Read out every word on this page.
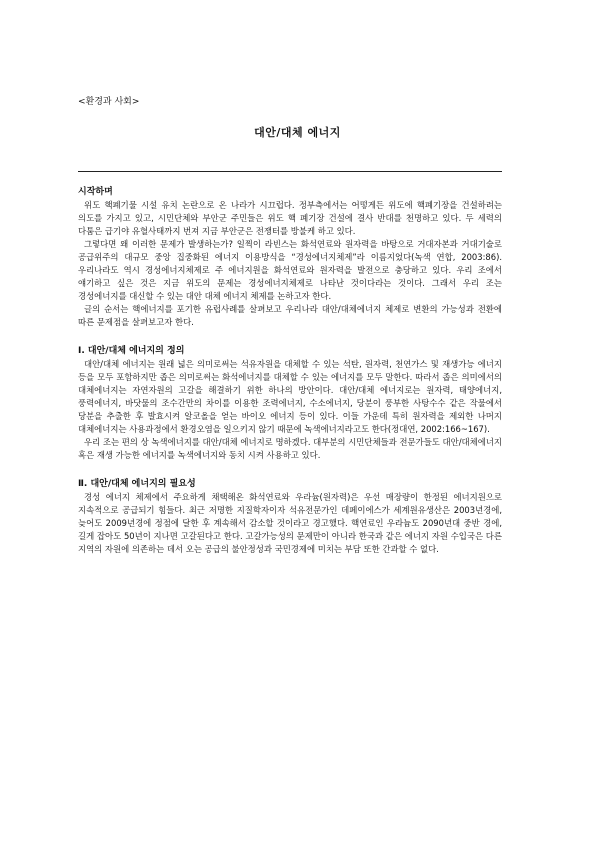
<환경과 사회>
대안/대체 에너지
시작하며

위도 핵폐기물 시설 유치 논란으로 온 나라가 시끄럽다. 정부측에서는 어떻게든 위도에 핵폐기장을 건설하려는 의도를 가지고 있고, 시민단체와 부안군 주민들은 위도 핵 폐기장 건설에 결사 반대를 천명하고 있다. 두 세력의 다툼은 급기야 유혈사태까지 번져 지금 부안군은 전쟁터를 방불케 하고 있다.

그렇다면 왜 이러한 문제가 발생하는가? 일찍이 라빈스는 화석연료와 원자력을 바탕으로 거대자본과 거대기술로 공급위주의 대규모 중앙 집중화된 에너지 이용방식을 “경성에너지체제”라 이름지었다(녹색 연합, 2003:86). 우리나라도 역시 경성에너지체제로 주 에너지원을 화석연료와 원자력을 발전으로 충당하고 있다. 우리 조에서 얘기하고 싶은 것은 지금 위도의 문제는 경성에너지체제로 나타난 것이다라는 것이다. 그래서 우리 조는 경성에너지를 대신할 수 있는 대안 대체 에너지 체제를 논하고자 한다.

글의 순서는 핵에너지를 포기한 유럽사례를 살펴보고 우리나라 대안/대체에너지 체제로 변환의 가능성과 전환에 따른 문제점을 살펴보고자 한다.

Ⅰ. 대안/대체 에너지의 정의

대안/대체 에너지는 원래 넓은 의미로써는 석유자원을 대체할 수 있는 석탄, 원자력, 천연가스 및 재생가능 에너지 등을 모두 포함하지만 좁은 의미로써는 화석에너지를 대체할 수 있는 에너지를 모두 말한다. 따라서 좁은 의미에서의 대체에너지는 자연자원의 고갈을 해결하기 위한 하나의 방안이다. 대안/대체 에너지로는 원자력, 태양에너지, 풍력에너지, 바닷물의 조수간만의 차이를 이용한 조력에너지, 수소에너지, 당분이 풍부한 사탕수수 같은 작물에서 당분을 추출한 후 발효시켜 알코올을 얻는 바이오 에너지 등이 있다. 이들 가운데 특히 원자력을 제외한 나머지 대체에너지는 사용과정에서 환경오염을 일으키지 않기 때문에 녹색에너지라고도 한다(정대연, 2002:166~167).

우리 조는 편의 상 녹색에너지를 대안/대체 에너지로 명하겠다. 대부분의 시민단체들과 전문가들도 대안/대체에너지 혹은 재생 가능한 에너지를 녹색에너지와 동치 시켜 사용하고 있다.

Ⅱ. 대안/대체 에너지의 필요성

경성 에너지 체제에서 주요하게 채택해온 화석연료와 우라늄(원자력)은 우선 매장량이 한정된 에너지원으로 지속적으로 공급되기 힘들다. 최근 저명한 지질학자이자 석유전문가인 데페이에스가 세계원유생산은 2003년경에, 늦어도 2009년경에 정점에 달한 후 계속해서 감소할 것이라고 경고했다. 핵연료인 우라늄도 2090년대 중반 경에, 길게 잡아도 50년이 지나면 고갈된다고 한다. 고갈가능성의 문제만이 아니라 한국과 같은 에너지 자원 수입국은 다른 지역의 자원에 의존하는 데서 오는 공급의 불안정성과 국민경제에 미치는 부담 또한 간과할 수 없다.
